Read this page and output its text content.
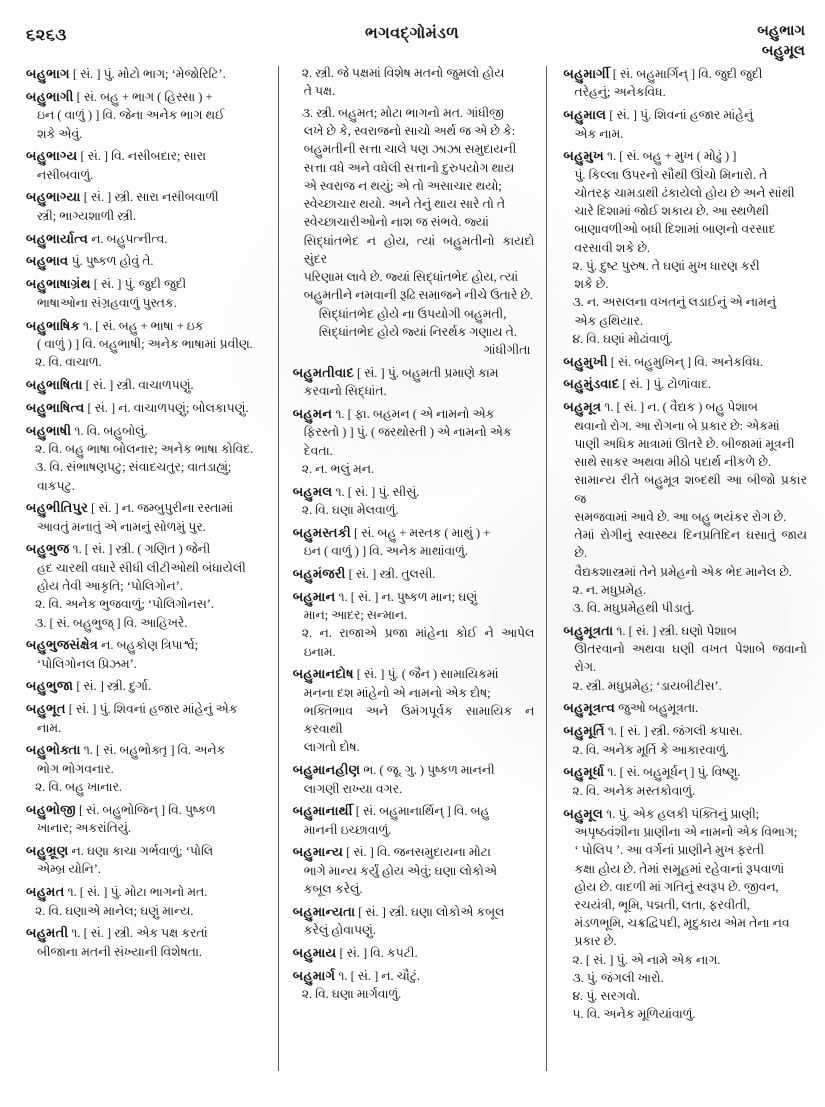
૬૨૬૩	ભગવદ્ગોમંડળ	બહુભાગ
બહુમૂલ
બહુભાગ [ સં. ] પું. મોટો ભાગ; ‘મેજોરિટિ’.
બહુભાગી [ સં. બહુ + ભાગ ( હિસ્સા ) +
ઇન ( વાળું ) ] વિ. જેના અનેક ભાગ થઈ
શકે એવું.
બહુભાગ્ય [ સં. ] વિ. નસીબદાર; સારા
નસીબવાળું.
બહુભાગ્યા [ સં. ] સ્ત્રી. સારા નસીબવાળી
સ્ત્રી; ભાગ્યશાળી સ્ત્રી.
બહુભાર્યાત્વ ન. બહુપત્નીત્વ.
બહુભાવ પું. પુષ્કળ હોવું તે.
બહુભાષાગ્રંથ [ સં. ] પું. જુદી જુદી
ભાષાઓના સંગ્રહવાળું પુસ્તક.
બહુભાષિક ૧. [ સં. બહુ + ભાષા + ઇક
( વાળું ) ] વિ. બહુભાષી; અનેક ભાષામાં પ્રવીણ.
૨. વિ. વાચાળ.
બહુભાષિતા [ સં. ] સ્ત્રી. વાચાળપણું.
બહુભાષિત્વ [ સં. ] ન. વાચાળપણું; બોલકાપણું.
બહુભાષી ૧. વિ. બહુબોલું.
૨. વિ. બહુ ભાષા બોલનાર; અનેક ભાષા કોવિદ.
૩. વિ. સંભાષણપટુ; સંવાદચતુર; વાતડાહ્યું;
વાકપટુ.
બહુભીતિપુર [ સં. ] ન. જમ્બુપુરીના રસ્તામાં
આવતું મનાતું એ નામનું સોળમું પુર.
બહુભુજ ૧. [ સં. ] સ્ત્રી. ( ગણિત ) જેની
હદ ચારથી વધારે સીધી લીટીઓથી બંધાયેલી
હોય તેવી આકૃતિ; ‘પોલિગોન’.
૨. વિ. અનેક ભુજવાળું; ‘પોલિગોનસ’.
૩. [ સં. બહુભુજ્ ] વિ. આહિખરે.
બહુભુજસંક્ષેત્ર ન. બહુકોણ ત્રિપાર્શ્વ;
‘પોલિગોનલ પ્રિઝમ’.
બહુભુજા [ સં. ] સ્ત્રી. દુર્ગા.
બહુભૂત [ સં. ] પું. શિવનાં હજાર માંહેનું એક
નામ.
બહુભોક્તા ૧. [ સં. બહુભોક્તૃ ] વિ. અનેક
ભોગ ભોગવનાર.
૨. વિ. બહુ ખાનાર.
બહુભોજી [ સં. બહુભોજિન્ ] વિ. પુષ્કળ
ખાનાર; અકરાંતિયું.
બહુભ્રૂણ ન. ઘણા કાચા ગર્ભવાળું; ‘પોલિ
એમ્બ્ર યોનિ’.
બહુમત ૧. [ સં. ] પું. મોટા ભાગનો મત.
૨. વિ. ઘણાએ માનેલ; ઘણું માન્ય.
બહુમતી ૧. [ સં. ] સ્ત્રી. એક પક્ષ કરતાં
બીજાના મતની સંખ્યાની વિશેષતા.
૨. સ્ત્રી. જે પક્ષમાં વિશેષ મતનો જુમલો હોય
તે પક્ષ.
૩. સ્ત્રી. બહુમત; મોટા ભાગનો મત. ગાંધીજી
લખે છે કે, સ્વરાજનો સાચો અર્થ જ એ છે કે:
બહુમતીની સત્તા ચાલે પણ ઝાઝા સમુદાયની
સત્તા વધે અને વધેલી સત્તાનો દુરુપયોગ થાય
એ સ્વરાજ ન થયું; એ તો અસાચાર થયો;
સ્વેચ્છાચાર થયો. અને તેનું થાય સારે તો તે
સ્વેચ્છાચારીઓનો નાશ જ સંભવે. જ્યાં
સિદ્ધાંતભેદ ન હોય, ત્યાં બહુમતીનો કાયદો સુંદર
પરિણામ લાવે છે. જ્યાં સિદ્ધાંતભેદ હોય, ત્યાં
બહુમતીને નમવાની રૂઢિ સમાજને નીચે ઉતારે છે.
સિદ્ધાંતભેદ હોયે ના ઉપયોગી બહુમતી,
સિદ્ધાંતભેદ હોયે જ્યાં નિરર્થક ગણાય તે.
ગાંધીગીતા
બહુમતીવાદ [ સં. ] પું. બહુમતી પ્રમાણે કામ
કરવાનો સિદ્ધાંત.
બહુમન ૧. [ ફા. બહમન ( એ નામનો એક
ફિરસ્તો ) ] પું. ( જરથોસ્તી ) એ નામનો એક
દેવતા.
૨. ન. ભલું મન.
બહુમલ ૧. [ સં. ] પું. સીસું.
૨. વિ. ઘણા મેલવાળું.
બહુમસ્તકી [ સં. બહુ + મસ્તક ( માથું ) +
ઇન ( વાળું ) ] વિ. અનેક માથાંવાળું.
બહુમંજરી [ સં. ] સ્ત્રી. તુલસી.
બહુમાન ૧. [ સં. ] ન. પુષ્કળ માન; ઘણું
માન; આદર; સન્માન.
૨. ન. રાજાએ પ્રજા માંહેના કોઈ ને આપેલ ઇનામ.
બહુમાનદોષ [ સં. ] પું. ( જૈન ) સામાયિકમાં
મનના દશ માંહેનો એ નામનો એક દોષ;
ભક્તિભાવ અને ઉમંગપૂર્વક સામાયિક ન કરવાથી
લાગતો દોષ.
બહુમાનહીણ ભ. ( જૂ. ગુ. ) પુષ્કળ માનની
લાગણી રાખ્યા વગર.
બહુમાનાર્થી [ સં. બહુમાનાર્થિન્ ] વિ. બહુ
માનની ઇચ્છાવાળું.
બહુમાન્ય [ સં. ] વિ. જનસમુદાયના મોટા
ભાગે માન્ય કર્યું હોય એવું; ઘણા લોકોએ
કબૂલ કરેલું.
બહુમાન્યતા [ સં. ] સ્ત્રી. ઘણા લોકોએ કબૂલ
કરેલું હોવાપણું.
બહુમાય [ સં. ] વિ. કપટી.
બહુમાર્ગ ૧. [ સં. ] ન. ચૌટું.
૨. વિ. ઘણા માર્ગવાળું.
બહુમાર્ગી [ સં. બહુમાર્ગિન્ ] વિ. જુદી જુદી
તરેહનું; અનેકવિધ.
બહુમાલ [ સં. ] પું. શિવનાં હજાર માંહેનું
એક નામ.
બહુમુખ ૧. [ સં. બહુ + મુખ ( મોઢું ) ]
પું. કિલ્લા ઉપરનો સૌથી ઊંચો મિનારો. તે
ચોતરફ ચામડાથી ઢંકાયેલો હોય છે અને સાંથી
ચારે દિશામાં જોઈ શકાય છે. આ સ્થળેથી
બાણાવળીઓ બધી દિશામાં બાણનો વરસાદ
વરસાવી શકે છે.
૨. પું. દુષ્ટ પુરુષ. તે ઘણાં મુખ ધારણ કરી
શકે છે.
૩. ન. અસલના વખતનું લડાઈનું એ નામનું
એક હથિયાર.
૪. વિ. ઘણાં મોઢાંવાળું.
બહુમુખી [ સં. બહુમુખિન્ ] વિ. અનેકવિધ.
બહુમુંડવાદ [ સં. ] પું. ટોળાંવાદ.
બહુમૂત્ર ૧. [ સં. ] ન. ( વૈદ્યક ) બહુ પેશાબ
થવાનો રોગ. આ રોગના બે પ્રકાર છે: એકમાં
પાણી અધિક માત્રામાં ઊતરે છે. બીજામાં મૂત્રની
સાથે સાકર અથવા મીઠો પદાર્થ નીકળે છે.
સામાન્ય રીતે બહુમૂત્ર શબ્દથી આ બીજો પ્રકાર જ
સમજવામાં આવે છે. આ બહુ ભયંકર રોગ છે.
તેમાં રોગીનું સ્વાસ્થ્ય દિનપ્રતિદિન ઘસાતું જાય છે.
વૈદ્યકશાસ્ત્રમાં તેને પ્રમેહનો એક ભેદ માનેલ છે.
૨. ન. મધુપ્રમેહ.
૩. વિ. મધુપ્રમેહથી પીડાતું.
બહુમૂત્રતા ૧. [ સં. ] સ્ત્રી. ઘણો પેશાબ
ઊતરવાનો અથવા ઘણી વખત પેશાબે જવાનો રોગ.
૨. સ્ત્રી. મધુપ્રમેહ; ‘ડાયબીટીસ’.
બહુમૂત્રત્વ જુઓ બહુમૂત્રતા.
બહુમૂર્તિ ૧. [ સં. ] સ્ત્રી. જંગલી કપાસ.
૨. વિ. અનેક મૂર્તિ કે આકારવાળું.
બહુમૂર્ધા ૧. [ સં. બહુમૂર્ધન્ ] પું. વિષ્ણુ.
૨. વિ. અનેક મસ્તકોવાળું.
બહુમૂલ ૧. પું. એક હલકી પંક્તિનું પ્રાણી;
અપૃષ્ઠવંશીના પ્રાણીના એ નામનો એક વિભાગ;
‘ પોલિપ ’. આ વર્ગનાં પ્રાણીને મુખ ફરતી
કક્ષા હોય છે. તેમાં સમૂહમાં રહેવાનાં રૂપવાળાં
હોય છે. વાદળી માં ગતિનું સ્વરૂપ છે. જીવન,
રચયંત્રી, ભૂમિ, પદ્મતી, લતા, ફરવીતી,
મંડળભૂમિ, ચક્રદ્વિપદી, મૃદુકાય એમ તેના નવ
પ્રકાર છે.
૨. [ સં. ] પું. એ નામે એક નાગ.
૩. પું. જંગલી ખારો.
૪. પું. સરગવો.
૫. વિ. અનેક મૂળિયાંવાળું.
